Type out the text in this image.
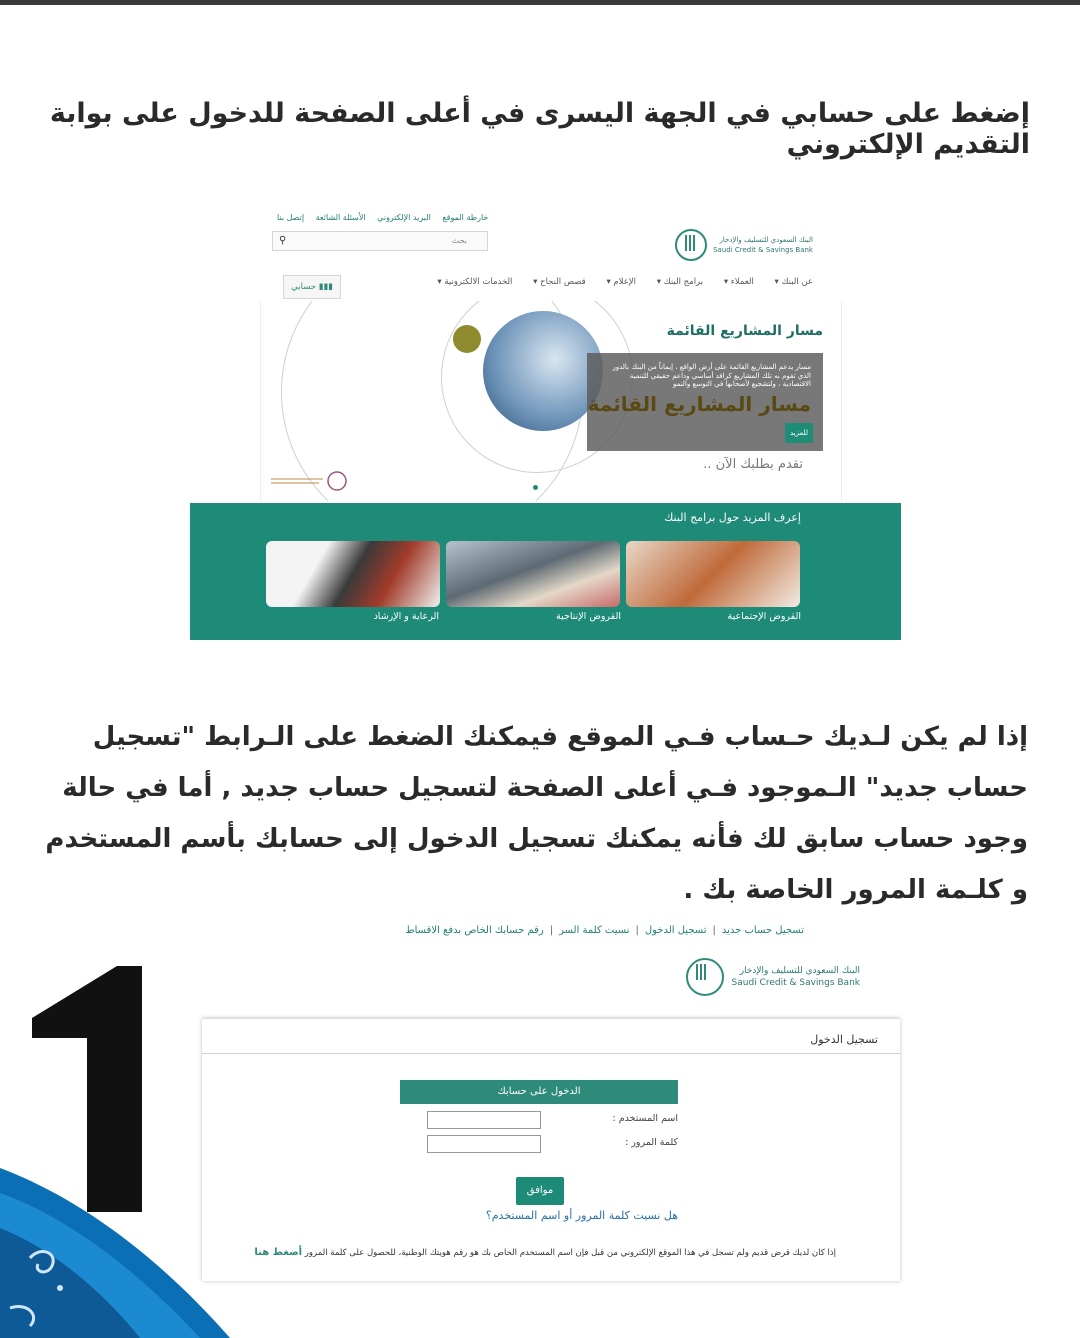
إضغط على حسابي في الجهة اليسرى في أعلى الصفحة للدخول على بوابة التقديم الإلكتروني
خارطة الموقع البريد الإلكتروني الأسئلة الشائعة إتصل بنا
بحث
⚲	البنك السعودي للتسليف والإدخار
Saudi Credit & Savings Bank
عن البنك ▾ العملاء ▾ برامج البنك ▾ الإعلام ▾ قصص النجاح ▾ الخدمات الالكترونية ▾
حسابي ▮▮▮
مسار المشاريع القائمة
مسار يدعم المشاريع القائمة على أرض الواقع ، إيماناً من البنك بالدور الذي تقوم به تلك المشاريع كرافد أساسي وداعم حقيقي للتنمية الاقتصادية ، ولتشجيع لأصحابها في التوسع والنمو
مسار المشاريع القائمة
للمزيد
تقدم بطلبك الآن ..
إعرف المزيد حول برامج البنك
القروض الإجتماعية
القروض الإنتاجية
الرعاية و الإرشاد
إذا لم يكن لـديك حـساب فـي الموقع فيمكنك الضغط على الـرابط "تسجيل حساب جديد" الـموجود فـي أعلى الصفحة لتسجيل حساب جديد , أما في حالة وجود حساب سابق لك فأنه يمكنك تسجيل الدخول إلى حسابك بأسم المستخدم و كلـمة المرور الخاصة بك .
تسجيل حساب جديد|تسجيل الدخول|نسيت كلمة السر|رقم حسابك الخاص بدفع الاقساط
البنك السعودي للتسليف والإدخار
Saudi Credit & Savings Bank
تسجيل الدخول
الدخول على حسابك
اسم المستخدم :
كلمة المرور :
موافق
هل نسيت كلمة المرور أو اسم المستخدم؟
إذا كان لديك قرض قديم ولم تسجل في هذا الموقع الإلكتروني من قبل فإن اسم المستخدم الخاص بك هو رقم هويتك الوطنية، للحصول على كلمة المرور أضغط هنا
1
